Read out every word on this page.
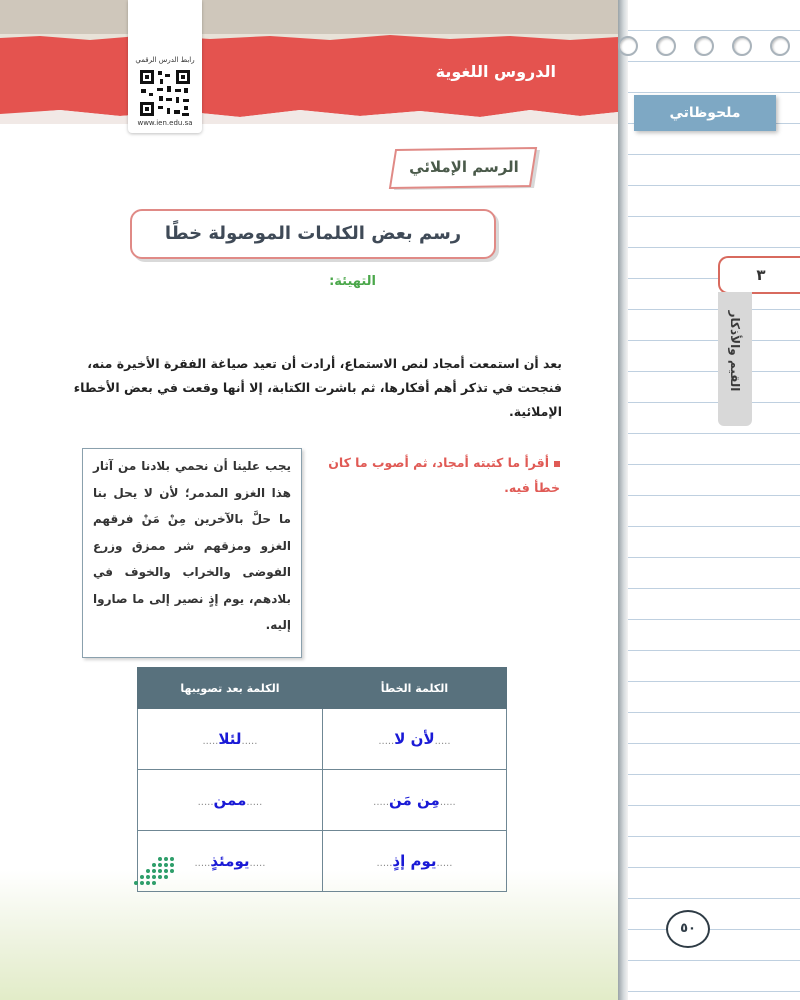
الدروس اللغوية
رابط الدرس الرقمي
www.ien.edu.sa
الرسم الإملائي
رسم بعض الكلمات الموصولة خطًا
التهيئة:
بعد أن استمعت أمجاد لنص الاستماع، أرادت أن تعيد صياغة الفقرة الأخيرة منه، فنجحت في تذكر أهم أفكارها، ثم باشرت الكتابة، إلا أنها وقعت في بعض الأخطاء الإملائية.
أقرأ ما كتبته أمجاد، ثم أصوب ما كان خطأ فيه.
يجب علينا أن نحمي بلادنا من آثار هذا الغزو المدمر؛ لأن لا يحل بنا ما حلَّ بالآخرين مِنْ مَنْ فرقهم الغزو ومزقهم شر ممزق وزرع الفوضى والخراب والخوف في بلادهم، يوم إذٍ نصير إلى ما صاروا إليه.
الكلمة بعد تصويبها	الكلمة الخطأ
.....لئلا.....	.....لأن لا.....
.....ممن.....	.....مِن مَن.....
.....يومئذٍ.....	.....يوم إذٍ.....
ملحوظاتي
٣
القيم والأذكار
٥٠
